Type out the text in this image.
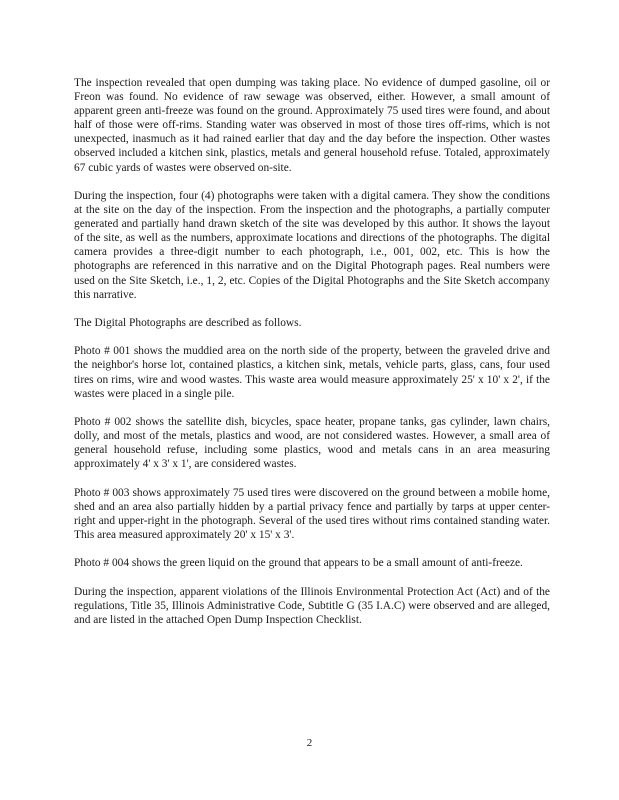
The inspection revealed that open dumping was taking place. No evidence of dumped gasoline, oil or Freon was found. No evidence of raw sewage was observed, either. However, a small amount of apparent green anti-freeze was found on the ground. Approximately 75 used tires were found, and about half of those were off-rims. Standing water was observed in most of those tires off-rims, which is not unexpected, inasmuch as it had rained earlier that day and the day before the inspection. Other wastes observed included a kitchen sink, plastics, metals and general household refuse. Totaled, approximately 67 cubic yards of wastes were observed on-site.

During the inspection, four (4) photographs were taken with a digital camera. They show the conditions at the site on the day of the inspection. From the inspection and the photographs, a partially computer generated and partially hand drawn sketch of the site was developed by this author. It shows the layout of the site, as well as the numbers, approximate locations and directions of the photographs. The digital camera provides a three-digit number to each photograph, i.e., 001, 002, etc. This is how the photographs are referenced in this narrative and on the Digital Photograph pages. Real numbers were used on the Site Sketch, i.e., 1, 2, etc. Copies of the Digital Photographs and the Site Sketch accompany this narrative.

The Digital Photographs are described as follows.

Photo # 001 shows the muddied area on the north side of the property, between the graveled drive and the neighbor's horse lot, contained plastics, a kitchen sink, metals, vehicle parts, glass, cans, four used tires on rims, wire and wood wastes. This waste area would measure approximately 25' x 10' x 2', if the wastes were placed in a single pile.

Photo # 002 shows the satellite dish, bicycles, space heater, propane tanks, gas cylinder, lawn chairs, dolly, and most of the metals, plastics and wood, are not considered wastes. However, a small area of general household refuse, including some plastics, wood and metals cans in an area measuring approximately 4' x 3' x 1', are considered wastes.

Photo # 003 shows approximately 75 used tires were discovered on the ground between a mobile home, shed and an area also partially hidden by a partial privacy fence and partially by tarps at upper center-right and upper-right in the photograph. Several of the used tires without rims contained standing water. This area measured approximately 20' x 15' x 3'.

Photo # 004 shows the green liquid on the ground that appears to be a small amount of anti-freeze.

During the inspection, apparent violations of the Illinois Environmental Protection Act (Act) and of the regulations, Title 35, Illinois Administrative Code, Subtitle G (35 I.A.C) were observed and are alleged, and are listed in the attached Open Dump Inspection Checklist.

2
